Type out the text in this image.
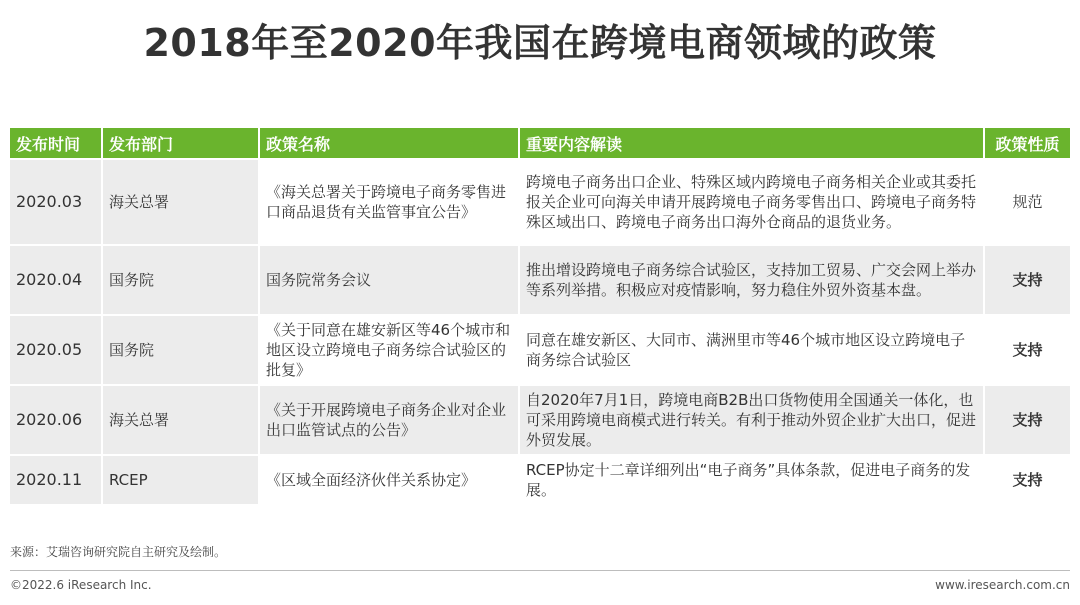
2018年至2020年我国在跨境电商领域的政策
发布时间	发布部门	政策名称	重要内容解读	政策性质
2020.03	海关总署	《海关总署关于跨境电子商务零售进口商品退货有关监管事宜公告》	跨境电子商务出口企业、特殊区域内跨境电子商务相关企业或其委托报关企业可向海关申请开展跨境电子商务零售出口、跨境电子商务特殊区域出口、跨境电子商务出口海外仓商品的退货业务。	规范
2020.04	国务院	国务院常务会议	推出增设跨境电子商务综合试验区，支持加工贸易、广交会网上举办等系列举措。积极应对疫情影响，努力稳住外贸外资基本盘。	支持
2020.05	国务院	《关于同意在雄安新区等46个城市和地区设立跨境电子商务综合试验区的批复》	同意在雄安新区、大同市、满洲里市等46个城市地区设立跨境电子商务综合试验区	支持
2020.06	海关总署	《关于开展跨境电子商务企业对企业出口监管试点的公告》	自2020年7月1日，跨境电商B2B出口货物使用全国通关一体化，也可采用跨境电商模式进行转关。有利于推动外贸企业扩大出口，促进外贸发展。	支持
2020.11	RCEP	《区域全面经济伙伴关系协定》	RCEP协定十二章详细列出“电子商务”具体条款，促进电子商务的发展。	支持
来源：艾瑞咨询研究院自主研究及绘制。
©2022.6 iResearch Inc.	www.iresearch.com.cn
